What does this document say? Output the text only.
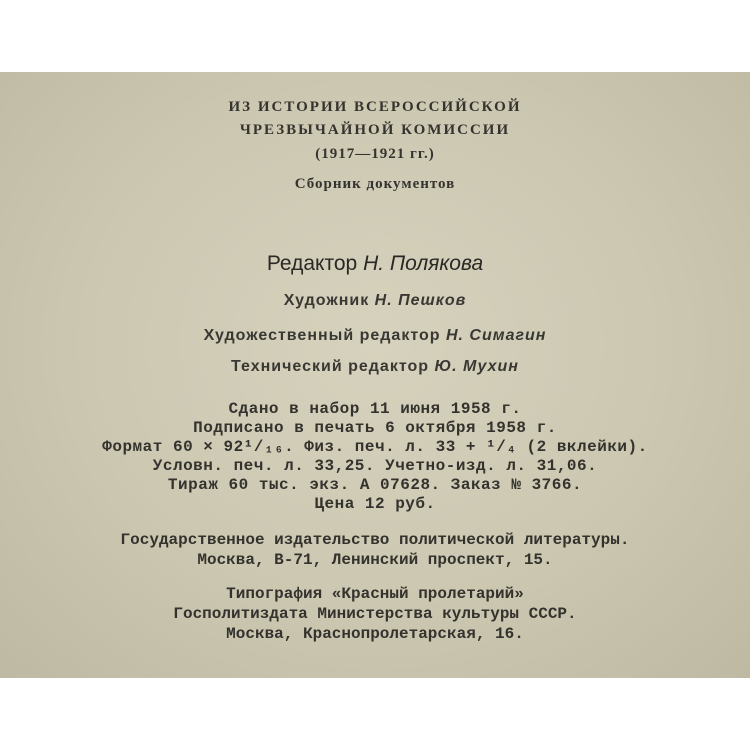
ИЗ ИСТОРИИ ВСЕРОССИЙСКОЙ
ЧРЕЗВЫЧАЙНОЙ КОМИССИИ
(1917—1921 гг.)
Сборник документов
Редактор Н. Полякова
Художник Н. Пешков
Художественный редактор Н. Симагин
Технический редактор Ю. Мухин
Сдано в набор 11 июня 1958 г.
Подписано в печать 6 октября 1958 г.
Формат 60 × 92¹/₁₆. Физ. печ. л. 33 + ¹/₄ (2 вклейки).
Условн. печ. л. 33,25. Учетно-изд. л. 31,06.
Тираж 60 тыс. экз. А 07628. Заказ № 3766.
Цена 12 руб.
Государственное издательство политической литературы.
Москва, В-71, Ленинский проспект, 15.
Типография «Красный пролетарий»
Госполитиздата Министерства культуры СССР.
Москва, Краснопролетарская, 16.
